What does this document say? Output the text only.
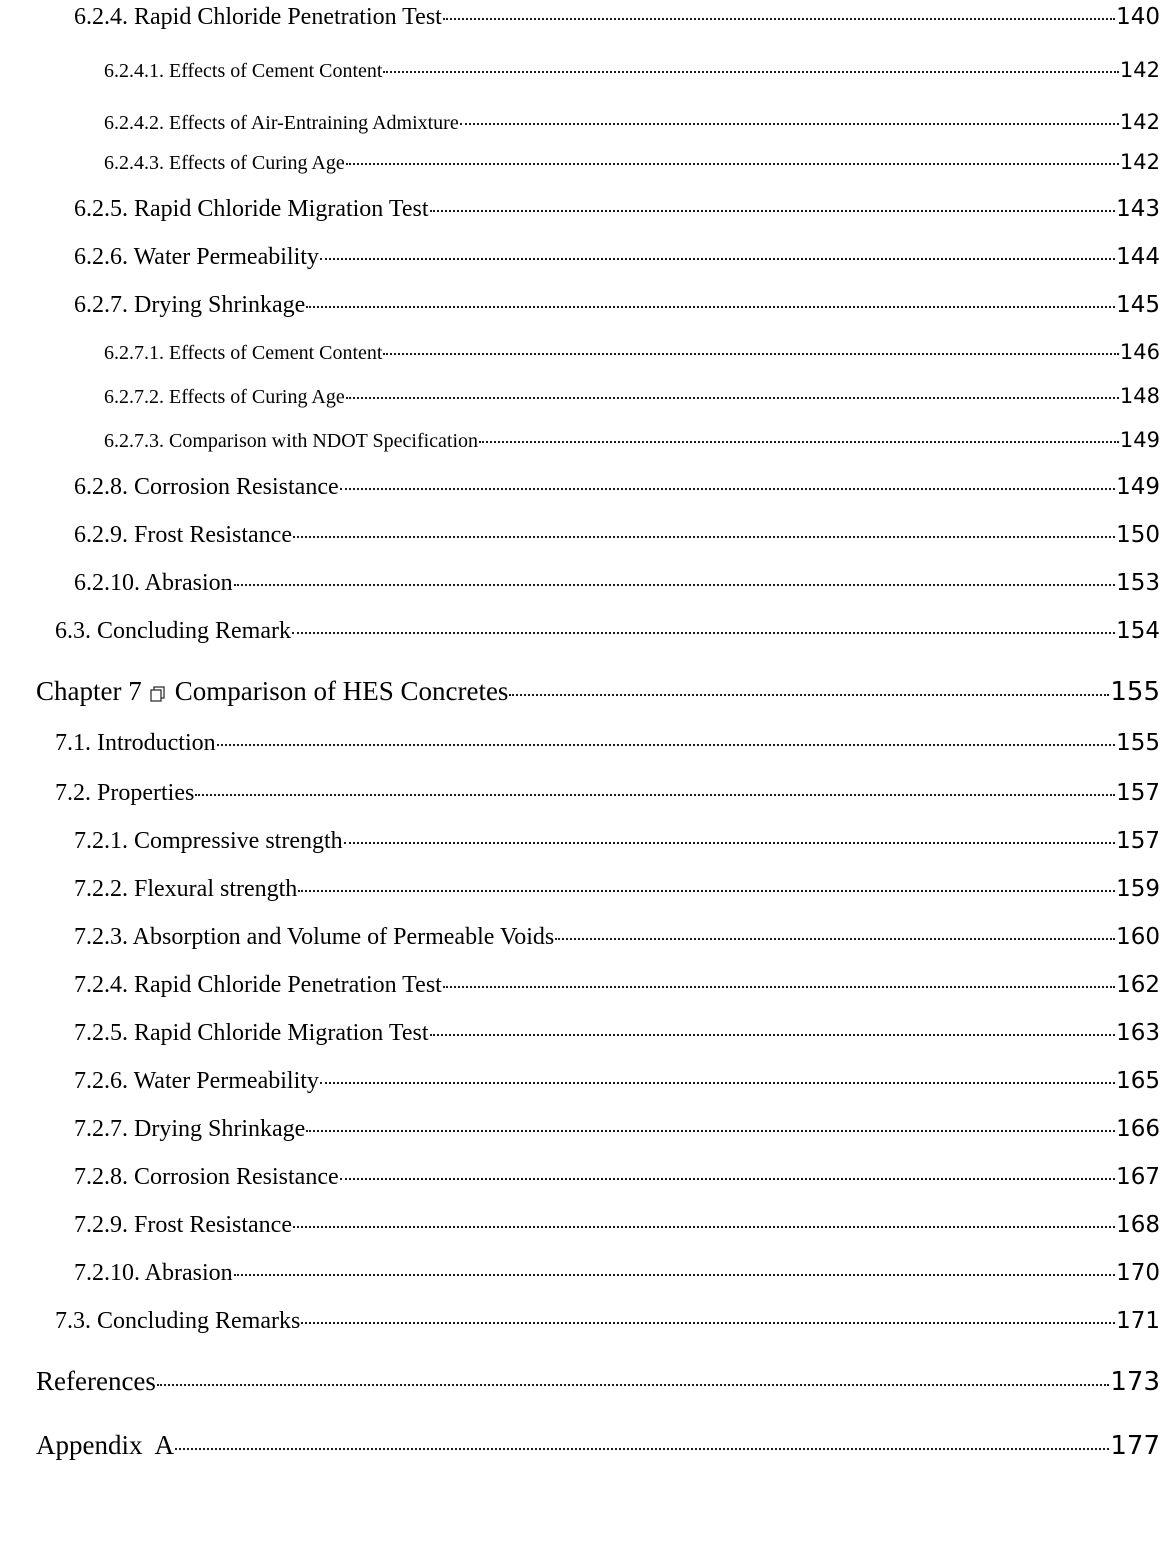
6.2.4. Rapid Chloride Penetration Test	140
6.2.4.1. Effects of Cement Content	142
6.2.4.2. Effects of Air-Entraining Admixture	142
6.2.4.3. Effects of Curing Age	142
6.2.5. Rapid Chloride Migration Test	143
6.2.6. Water Permeability	144
6.2.7. Drying Shrinkage	145
6.2.7.1. Effects of Cement Content	146
6.2.7.2. Effects of Curing Age	148
6.2.7.3. Comparison with NDOT Specification	149
6.2.8. Corrosion Resistance	149
6.2.9. Frost Resistance	150
6.2.10. Abrasion	153
6.3. Concluding Remark	154
Chapter 7 Comparison of HES Concretes	155
7.1. Introduction	155
7.2. Properties	157
7.2.1. Compressive strength	157
7.2.2. Flexural strength	159
7.2.3. Absorption and Volume of Permeable Voids	160
7.2.4. Rapid Chloride Penetration Test	162
7.2.5. Rapid Chloride Migration Test	163
7.2.6. Water Permeability	165
7.2.7. Drying Shrinkage	166
7.2.8. Corrosion Resistance	167
7.2.9. Frost Resistance	168
7.2.10. Abrasion	170
7.3. Concluding Remarks	171
References	173
Appendix  A	177
